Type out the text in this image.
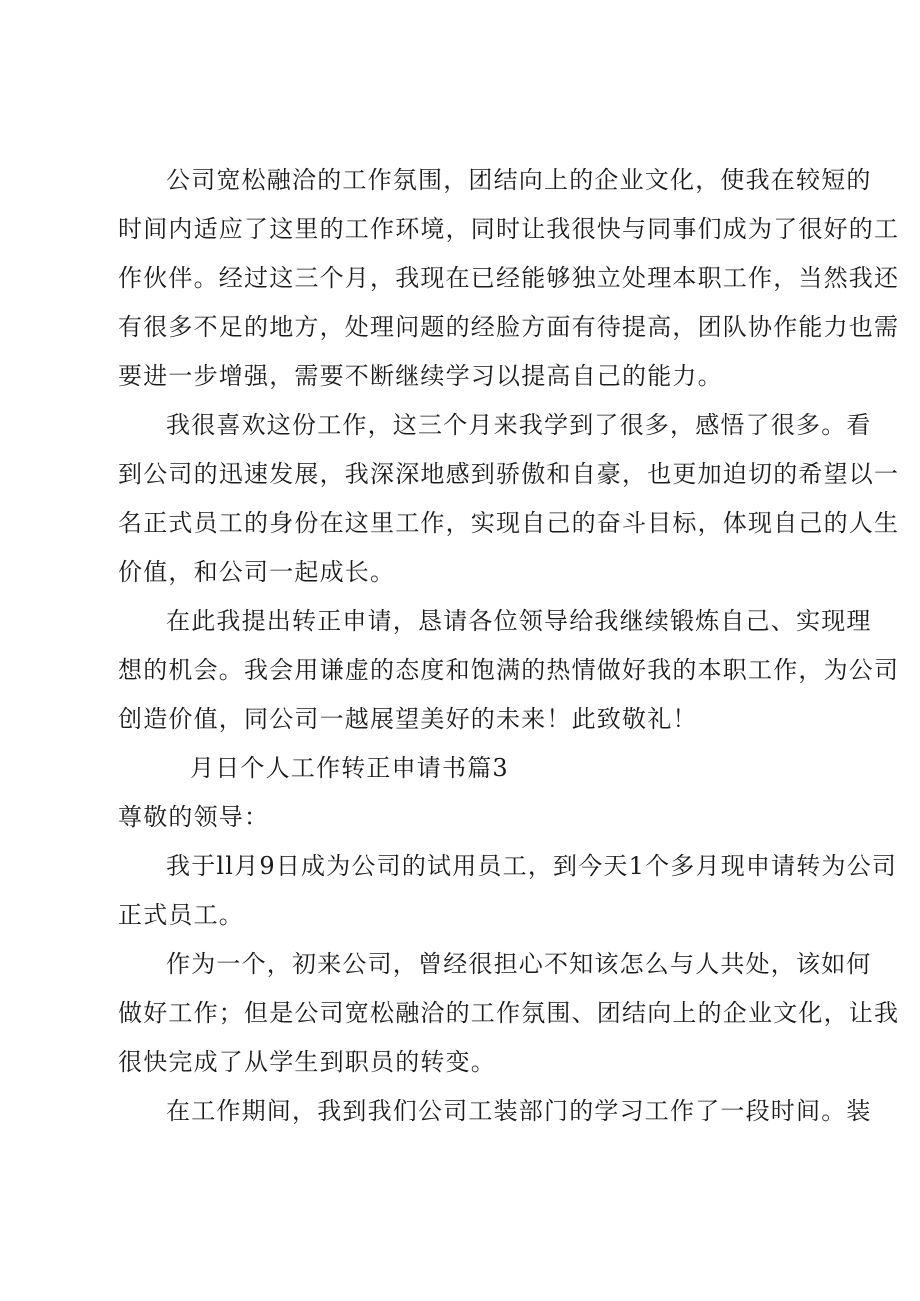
公司宽松融洽的工作氛围，团结向上的企业文化，使我在较短的

时间内适应了这里的工作环境，同时让我很快与同事们成为了很好的工

作伙伴。经过这三个月，我现在已经能够独立处理本职工作，当然我还

有很多不足的地方，处理问题的经脸方面有待提高，团队协作能力也需

要进一步增强，需要不断继续学习以提高自己的能力。

我很喜欢这份工作，这三个月来我学到了很多，感悟了很多。看

到公司的迅速发展，我深深地感到骄傲和自豪，也更加迫切的希望以一

名正式员工的身份在这里工作，实现自己的奋斗目标，体现自己的人生

价值，和公司一起成长。

在此我提出转正申请，恳请各位领导给我继续锻炼自己、实现理

想的机会。我会用谦虚的态度和饱满的热情做好我的本职工作，为公司

创造价值，同公司一越展望美好的未来！此致敬礼！

月日个人工作转正申请书篇3

尊敬的领导：

我于ll月9日成为公司的试用员工，到今天1个多月现申请转为公司

正式员工。

作为一个，初来公司，曾经很担心不知该怎么与人共处，该如何

做好工作；但是公司宽松融洽的工作氛围、团结向上的企业文化，让我

很快完成了从学生到职员的转变。

在工作期间，我到我们公司工装部门的学习工作了一段时间。装
